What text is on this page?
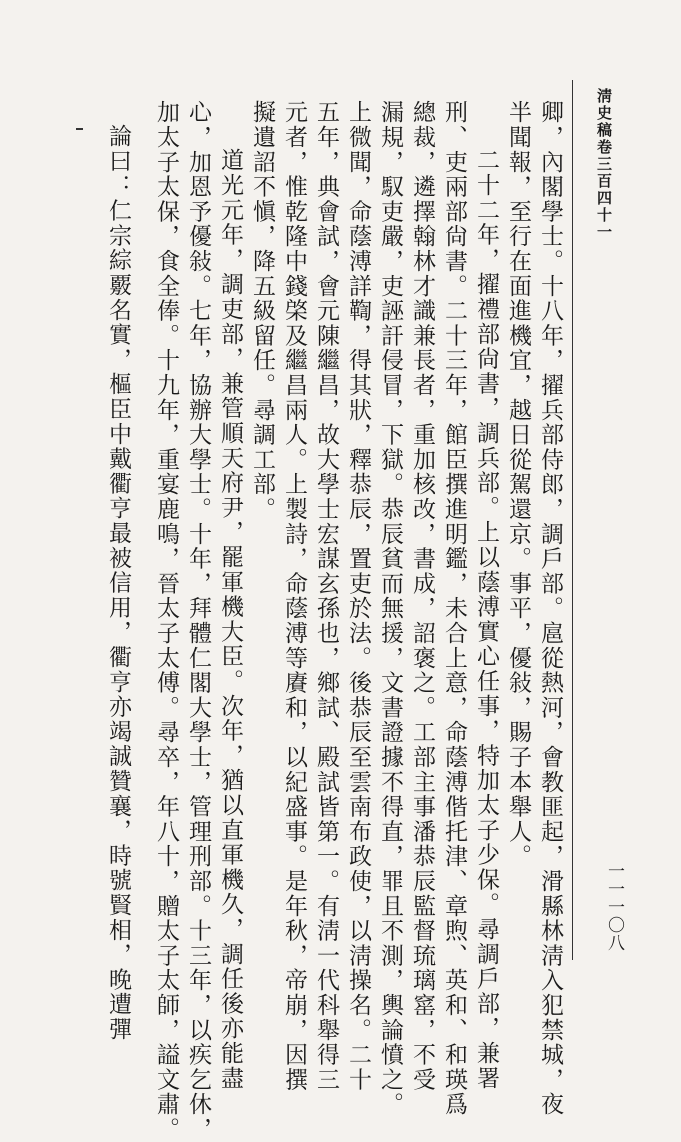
淸史稿卷三百四十一
一一一〇八
卿，內閣學士。十八年，擢兵部侍郎，調戶部。扈從熱河，會教匪起，滑縣林淸入犯禁城，夜
半聞報，至行在面進機宜，越日從駕還京。事平，優敍，賜子本舉人。
二十二年，擢禮部尙書，調兵部。上以蔭溥實心任事，特加太子少保。尋調戶部，兼署
刑、吏兩部尙書。二十三年，館臣撰進明鑑，未合上意，命蔭溥偕托津、章煦、英和、和瑛爲
總裁，遴擇翰林才識兼長者，重加核改，書成，詔褒之。工部主事潘恭辰監督琉璃窰，不受
漏規，馭吏嚴，吏誣訐侵冒，下獄。恭辰貧而無援，文書證據不得直，罪且不測，輿論憤之。
上微聞，命蔭溥詳鞫，得其狀，釋恭辰，置吏於法。後恭辰至雲南布政使，以淸操名。二十
五年，典會試，會元陳繼昌，故大學士宏謀玄孫也，鄉試、殿試皆第一。有淸一代科舉得三
元者，惟乾隆中錢棨及繼昌兩人。上製詩，命蔭溥等賡和，以紀盛事。是年秋，帝崩，因撰
擬遺詔不愼，降五級留任。尋調工部。
道光元年，調吏部，兼管順天府尹，罷軍機大臣。次年，猶以直軍機久，調任後亦能盡
心，加恩予優敍。七年，協辦大學士。十年，拜體仁閣大學士，管理刑部。十三年，以疾乞休，
加太子太保，食全俸。十九年，重宴鹿鳴，晉太子太傅。尋卒，年八十，贈太子太師，謚文肅。
論曰：仁宗綜覈名實，樞臣中戴衢亨最被信用，衢亨亦竭誠贊襄，時號賢相，晚遭彈
